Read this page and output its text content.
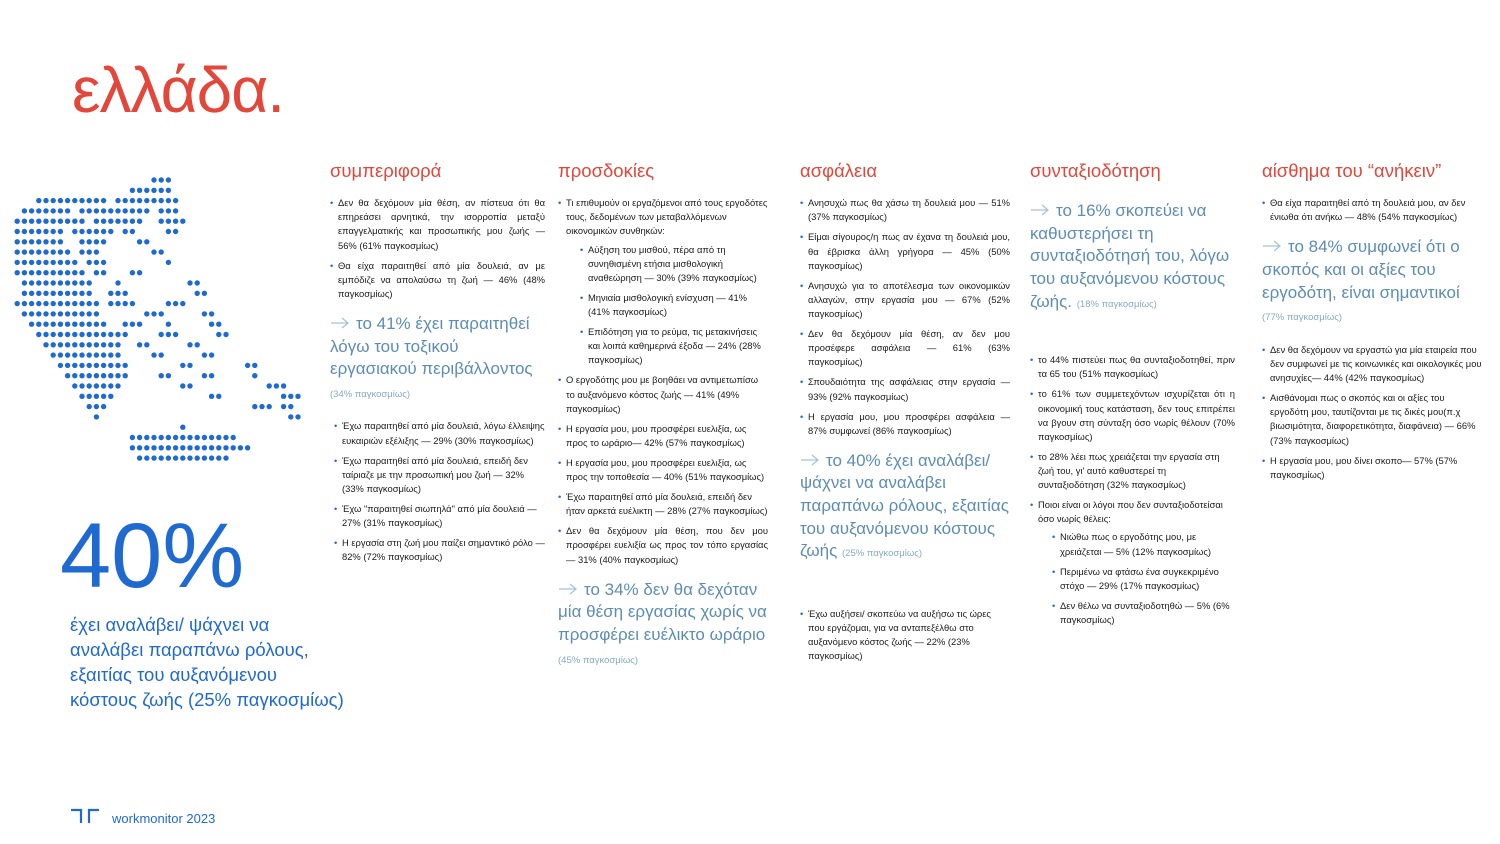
ελλάδα.

40%

έχει αναλάβει/ ψάχνει να αναλάβει παραπάνω ρόλους, εξαιτίας του αυξανόμενου κόστους ζωής (25% παγκοσμίως)

συμπεριφορά
• Δεν θα δεχόμουν μία θέση, αν πίστευα ότι θα επηρεάσει αρνητικά, την ισορροπία μεταξύ επαγγελματικής και προσωπικής μου ζωής — 56% (61% παγκοσμίως)
• Θα είχα παραιτηθεί από μία δουλειά, αν με εμπόδιζε να απολαύσω τη ζωή — 46% (48% παγκοσμίως)

το 41% έχει παραιτηθεί λόγω του τοξικού εργασιακού περιβάλλοντος (34% παγκοσμίως)

• Έχω παραιτηθεί από μία δουλειά, λόγω έλλειψης ευκαιριών εξέλιξης — 29% (30% παγκοσμίως)
• Έχω παραιτηθεί από μία δουλειά, επειδή δεν ταίριαζε με την προσωπική μου ζωή — 32% (33% παγκοσμίως)
• Έχω "παραιτηθεί σιωπηλά" από μία δουλειά — 27% (31% παγκοσμίως)
• Η εργασία στη ζωή μου παίζει σημαντικό ρόλο — 82% (72% παγκοσμίως)
προσδοκίες
• Τι επιθυμούν οι εργαζόμενοι από τους εργοδότες τους, δεδομένων των μεταβαλλόμενων οικονομικών συνθηκών:
• Αύξηση του μισθού, πέρα από τη συνηθισμένη ετήσια μισθολογική αναθεώρηση — 30% (39% παγκοσμίως)
• Μηνιαία μισθολογική ενίσχυση — 41% (41% παγκοσμίως)
• Επιδότηση για το ρεύμα, τις μετακινήσεις και λοιπά καθημερινά έξοδα — 24% (28% παγκοσμίως)
• Ο εργοδότης μου με βοηθάει να αντιμετωπίσω το αυξανόμενο κόστος ζωής — 41% (49% παγκοσμίως)
• Η εργασία μου, μου προσφέρει ευελιξία, ως προς το ωράριο— 42% (57% παγκοσμίως)
• Η εργασία μου, μου προσφέρει ευελιξία, ως προς την τοποθεσία — 40% (51% παγκοσμίως)
• Έχω παραιτηθεί από μία δουλειά, επειδή δεν ήταν αρκετά ευέλικτη — 28% (27% παγκοσμίως)
• Δεν θα δεχόμουν μία θέση, που δεν μου προσφέρει ευελιξία ως προς τον τόπο εργασίας — 31% (40% παγκοσμίως)

το 34% δεν θα δεχόταν μία θέση εργασίας χωρίς να προσφέρει ευέλικτο ωράριο (45% παγκοσμίως)

ασφάλεια
• Ανησυχώ πως θα χάσω τη δουλειά μου — 51% (37% παγκοσμίως)
• Είμαι σίγουρος/η πως αν έχανα τη δουλειά μου, θα έβρισκα άλλη γρήγορα — 45% (50% παγκοσμίως)
• Ανησυχώ για το αποτέλεσμα των οικονομικών αλλαγών, στην εργασία μου — 67% (52% παγκοσμίως)
• Δεν θα δεχόμουν μία θέση, αν δεν μου προσέφερε ασφάλεια — 61% (63% παγκοσμίως)
• Σπουδαιότητα της ασφάλειας στην εργασία — 93% (92% παγκοσμίως)
• Η εργασία μου, μου προσφέρει ασφάλεια — 87% συμφωνεί (86% παγκοσμίως)

το 40% έχει αναλάβει/ ψάχνει να αναλάβει παραπάνω ρόλους, εξαιτίας του αυξανόμενου κόστους ζωής (25% παγκοσμίως)

• Έχω αυξήσει/ σκοπεύω να αυξήσω τις ώρες που εργάζομαι, για να ανταπεξέλθω στο αυξανόμενο κόστος ζωής — 22% (23% παγκοσμίως)
συνταξιοδότηση

το 16% σκοπεύει να καθυστερήσει τη συνταξιοδότησή του, λόγω του αυξανόμενου κόστους ζωής. (18% παγκοσμίως)

• το 44% πιστεύει πως θα συνταξιοδοτηθεί, πριν τα 65 του (51% παγκοσμίως)
• το 61% των συμμετεχόντων ισχυρίζεται ότι η οικονομική τους κατάσταση, δεν τους επιτρέπει να βγουν στη σύνταξη όσο νωρίς θέλουν (70% παγκοσμίως)
• το 28% λέει πως χρειάζεται την εργασία στη ζωή του, γι' αυτό καθυστερεί τη συνταξιοδότηση (32% παγκοσμίως)
• Ποιοι είναι οι λόγοι που δεν συνταξιοδοτείσαι όσο νωρίς θέλεις:
• Νιώθω πως ο εργοδότης μου, με χρειάζεται — 5% (12% παγκοσμίως)
• Περιμένω να φτάσω ένα συγκεκριμένο στόχο — 29% (17% παγκοσμίως)
• Δεν θέλω να συνταξιοδοτηθώ — 5% (6% παγκοσμίως)
αίσθημα του “ανήκειν”
• Θα είχα παραιτηθεί από τη δουλειά μου, αν δεν ένιωθα ότι ανήκω — 48% (54% παγκοσμίως)

το 84% συμφωνεί ότι ο σκοπός και οι αξίες του εργοδότη, είναι σημαντικοί
(77% παγκοσμίως)

• Δεν θα δεχόμουν να εργαστώ για μία εταιρεία που δεν συμφωνεί με τις κοινωνικές και οικολογικές μου ανησυχίες— 44% (42% παγκοσμίως)
• Αισθάνομαι πως ο σκοπός και οι αξίες του εργοδότη μου, ταυτίζονται με τις δικές μου(π.χ βιωσιμότητα, διαφορετικότητα, διαφάνεια) — 66% (73% παγκοσμίως)
• Η εργασία μου, μου δίνει σκοπο— 57% (57% παγκοσμίως)
workmonitor 2023
